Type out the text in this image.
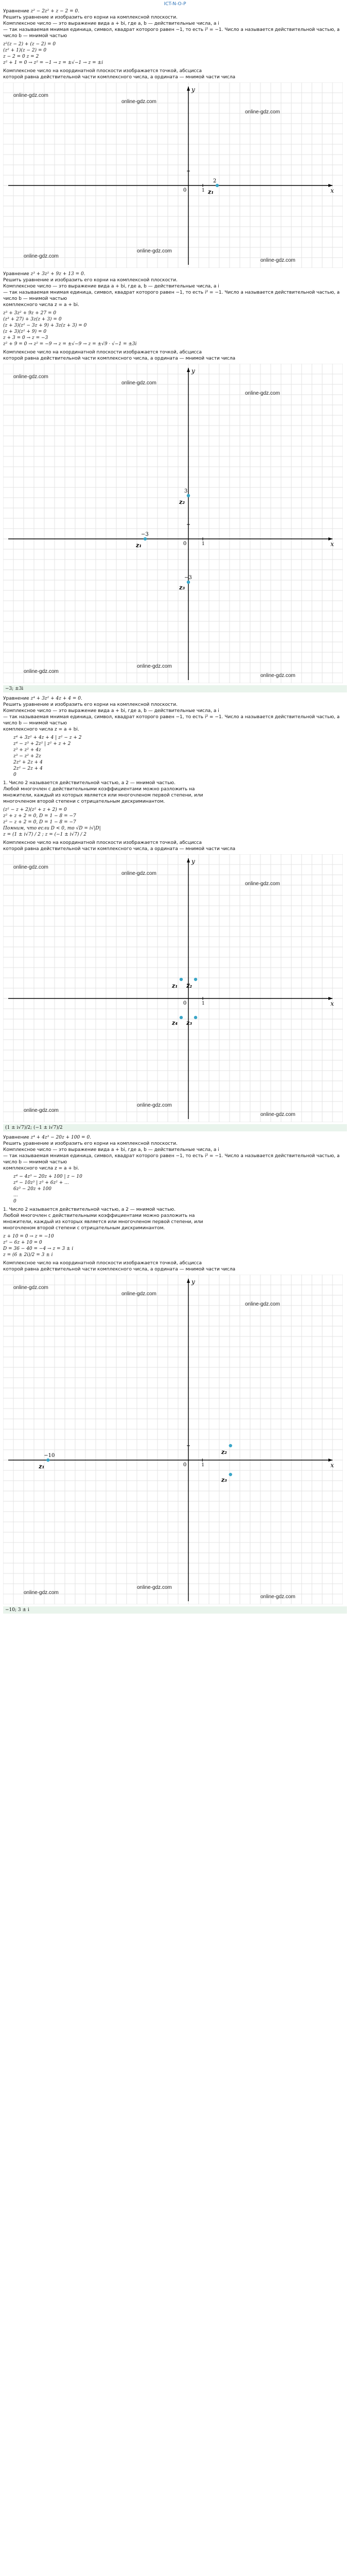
ICT-N-O-P
Уравнение z² − 2z² + z − 2 = 0.
Решить уравнение и изобразить его корни на комплексной плоскости.
Комплексное число — это выражение вида a + bi, где a, b — действительные числа, а i
— так называемая мнимая единица, символ, квадрат которого равен −1, то есть i² = −1. Число a называется действительной частью, а число b — мнимой частью
z²(z − 2) + (z − 2) = 0
(z² + 1)(z − 2) = 0
z − 2 = 0 z = 2
z² + 1 = 0 → z² = −1 → z = ±√−1 → z = ±i
Комплексное число на координатной плоскости изображается точкой, абсцисса
которой равна действительной части комплексного числа, а ордината — мнимой части числа
x
y
0	1
online-gdz.com
online-gdz.com
online-gdz.com
online-gdz.com
online-gdz.com
online-gdz.com
z₁
2
Уравнение z³ + 3z² + 9z + 13 = 0.
Решить уравнение и изобразить его корни на комплексной плоскости.
Комплексное число — это выражение вида a + bi, где a, b — действительные числа, а i
— так называемая мнимая единица, символ, квадрат которого равен −1, то есть i² = −1. Число a называется действительной частью, а число b — мнимой частью
комплексного числа z = a + bi.
z³ + 3z² + 9z + 27 = 0
(z³ + 27) + 3z(z + 3) = 0
(z + 3)(z² − 3z + 9) + 3z(z + 3) = 0
(z + 3)(z² + 9) = 0
z + 3 = 0 → z = −3
z² + 9 = 0 → z² = −9 → z = ±√−9 → z = ±√9 · √−1 = ±3i
Комплексное число на координатной плоскости изображается точкой, абсцисса
которой равна действительной части комплексного числа, а ордината — мнимой части числа
x
y
0	1
online-gdz.com
online-gdz.com
online-gdz.com
online-gdz.com
online-gdz.com
online-gdz.com
z₁
−3
z₂
3
z₃
−3
−3; ±3i
Уравнение z⁴ + 3z² + 4z + 4 = 0.
Решить уравнение и изобразить его корни на комплексной плоскости.
Комплексное число — это выражение вида a + bi, где a, b — действительные числа, а i
— так называемая мнимая единица, символ, квадрат которого равен −1, то есть i² = −1. Число a называется действительной частью, а число b — мнимой частью
комплексного числа z = a + bi.
z⁴ + 3z² + 4z + 4 | z² − z + 2
z⁴ − z³ + 2z² | z² + z + 2
z³ + z² + 4z
z³ − z² + 2z
2z² + 2z + 4
2z² − 2z + 4
0
1. Число 2 называется действительной частью, а 2 — мнимой частью.
Любой многочлен с действительными коэффициентами можно разложить на
множители, каждый из которых является или многочленом первой степени, или
многочленом второй степени с отрицательным дискриминантом.
(z² − z + 2)(z² + z + 2) = 0
z² + z + 2 = 0, D = 1 − 8 = −7
z² − z + 2 = 0, D = 1 − 8 = −7
Помним, что если D < 0, то √D = i√|D|
z = (1 ± i√7) / 2 ; z = (−1 ± i√7) / 2
Комплексное число на координатной плоскости изображается точкой, абсцисса
которой равна действительной части комплексного числа, а ордината — мнимой части числа
x
y
0	1
online-gdz.com
online-gdz.com
online-gdz.com
online-gdz.com
online-gdz.com
online-gdz.com
z₁ z₂
z₃
z₄
(1 ± i√7)/2; (−1 ± i√7)/2
Уравнение z⁴ + 4z³ − 20z + 100 = 0.
Решить уравнение и изобразить его корни на комплексной плоскости.
Комплексное число — это выражение вида a + bi, где a, b — действительные числа, а i
— так называемая мнимая единица, символ, квадрат которого равен −1, то есть i² = −1. Число a называется действительной частью, а число b — мнимой частью
комплексного числа z = a + bi.
z⁴ − 4z³ − 20z + 100 | z − 10
z⁴ − 10z³ | z³ + 6z² + ...
6z³ − 20z + 100
...
0
1. Число 2 называется действительной частью, а 2 — мнимой частью.
Любой многочлен с действительными коэффициентами можно разложить на
множители, каждый из которых является или многочленом первой степени, или
многочленом второй степени с отрицательным дискриминантом.
z + 10 = 0 → z = −10
z² − 6z + 10 = 0
D = 36 − 40 = −4 → z = 3 ± i
z = (6 ± 2i)/2 = 3 ± i
Комплексное число на координатной плоскости изображается точкой, абсцисса
которой равна действительной части комплексного числа, а ордината — мнимой части числа
x
y
0	1
online-gdz.com
online-gdz.com
online-gdz.com
online-gdz.com
online-gdz.com
online-gdz.com
z₁
−10
z₂
z₃
−10; 3 ± i
